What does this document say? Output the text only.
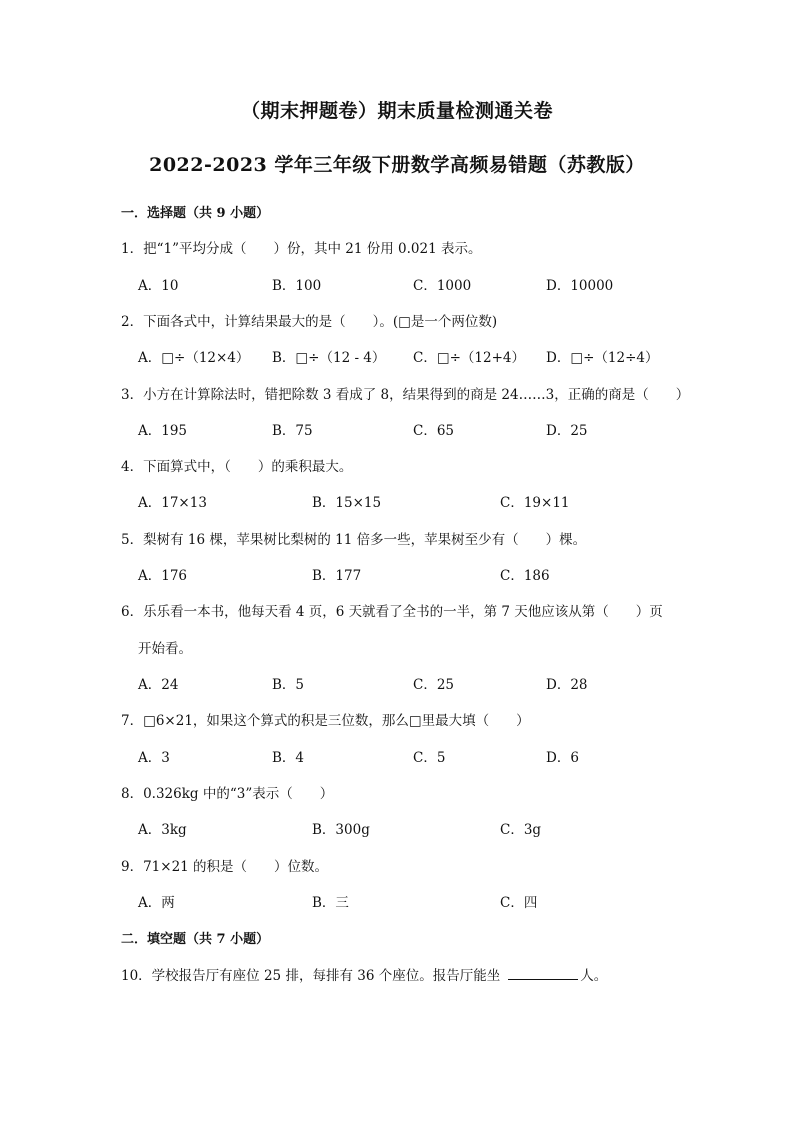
（期末押题卷）期末质量检测通关卷
2022-2023 学年三年级下册数学高频易错题（苏教版）
一．选择题（共 9 小题）
1．把“1”平均分成（　　）份，其中 21 份用 0.021 表示。
A．10	B．100	C．1000	D．10000
2．下面各式中，计算结果最大的是（　　）。(□是一个两位数)
A．□÷（12×4） B．□÷（12 - 4） C．□÷（12+4） D．□÷（12÷4）
3．小方在计算除法时，错把除数 3 看成了 8，结果得到的商是 24……3，正确的商是（　　）
A．195	B．75	C．65	D．25
4．下面算式中，（　　）的乘积最大。
A．17×13	B．15×15	C．19×11
5．梨树有 16 棵，苹果树比梨树的 11 倍多一些，苹果树至少有（　　）棵。
A．176	B．177	C．186
6．乐乐看一本书，他每天看 4 页，6 天就看了全书的一半，第 7 天他应该从第（　　）页
开始看。
A．24	B．5	C．25	D．28
7．□6×21，如果这个算式的积是三位数，那么□里最大填（　　）
A．3	B．4	C．5	D．6
8．0.326kg 中的“3”表示（　　）
A．3kg	B．300g	C．3g
9．71×21 的积是（　　）位数。
A．两	B．三	C．四
二．填空题（共 7 小题）
10．学校报告厅有座位 25 排，每排有 36 个座位。报告厅能坐	人。
